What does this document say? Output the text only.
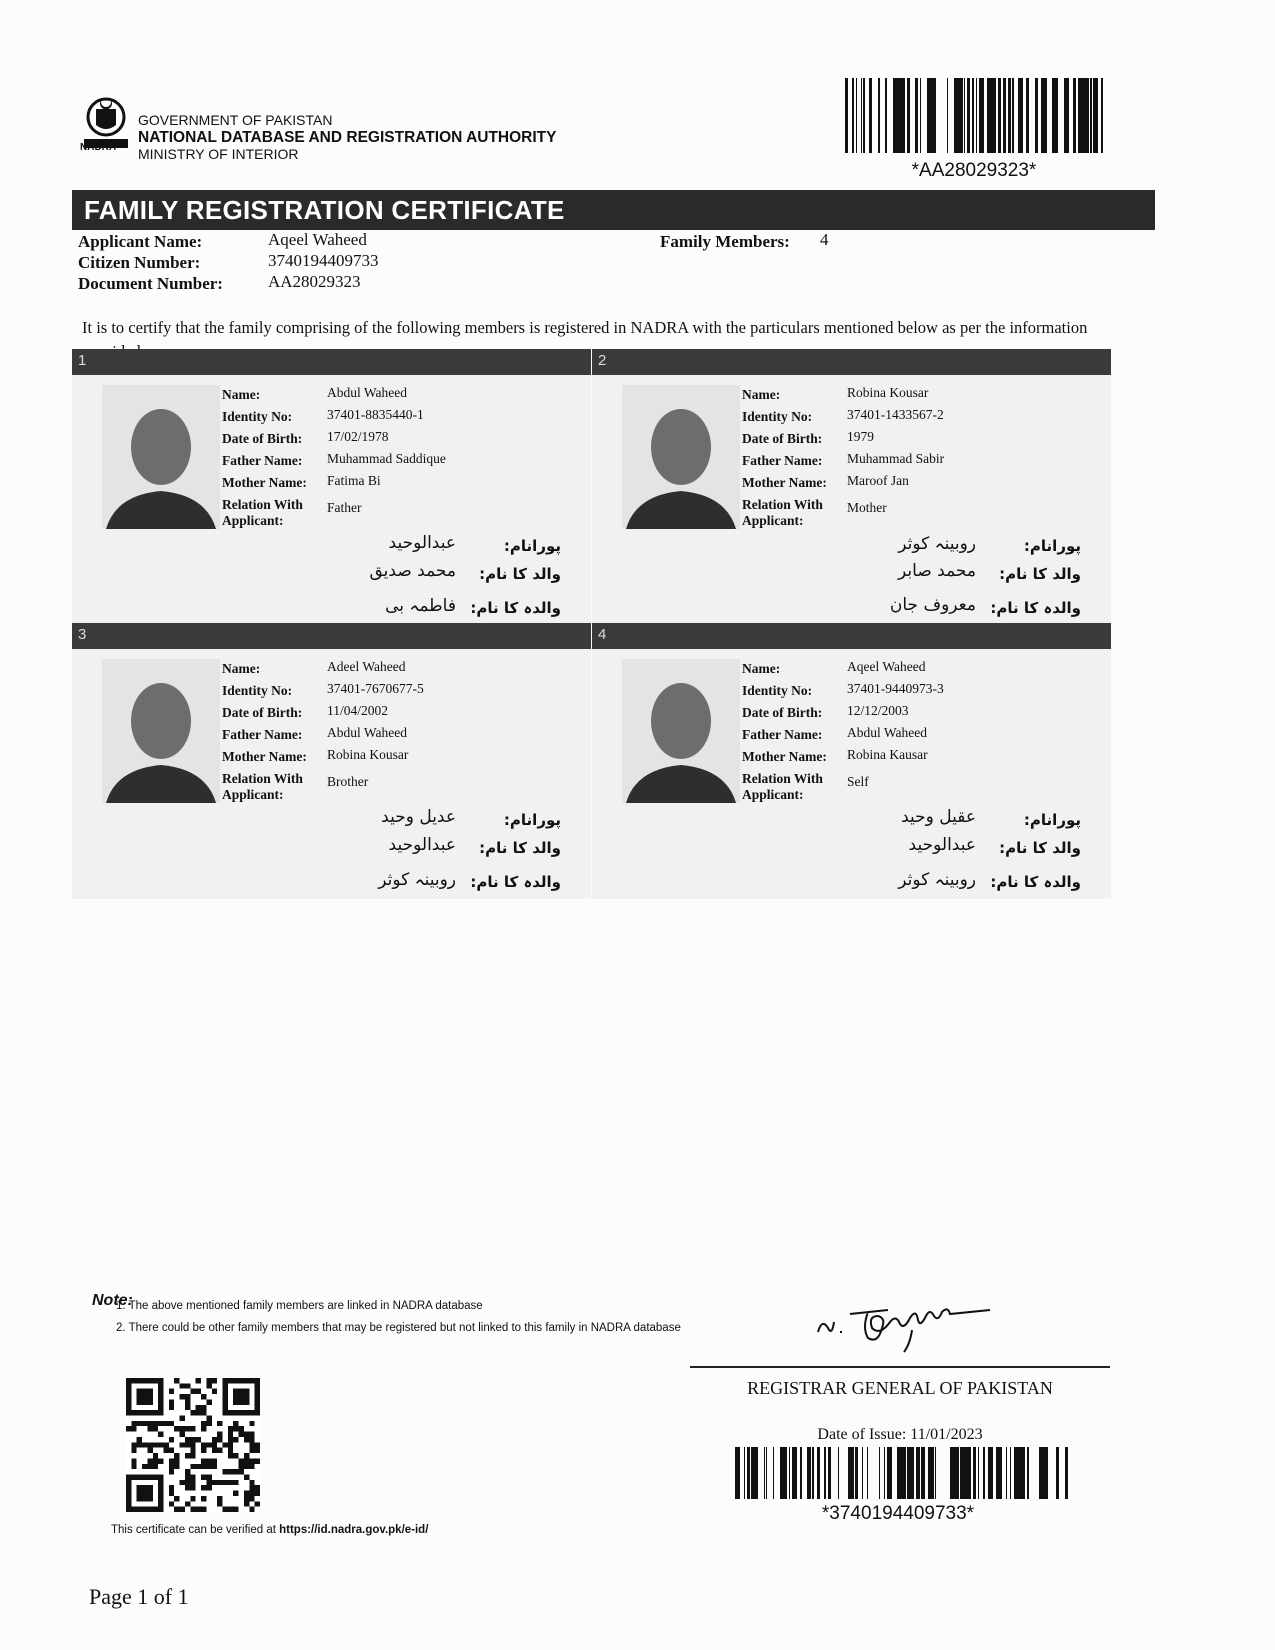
NADRA
GOVERNMENT OF PAKISTAN
NATIONAL DATABASE AND REGISTRATION AUTHORITY
MINISTRY OF INTERIOR
*AA28029323*
FAMILY REGISTRATION CERTIFICATE
Applicant Name:	Aqeel Waheed
Citizen Number:	3740194409733
Document Number:	AA28029323
Family Members: 4
It is to certify that the family comprising of the following members is registered in NADRA with the particulars mentioned below as per the information
1
Name:	Abdul Waheed
Identity No:	37401-8835440-1
Date of Birth:	17/02/1978
Father Name:	Muhammad Saddique
Mother Name:	Fatima Bi
Relation With
Applicant:
Father
پورانام:
عبدالوحید
والد کا نام:
محمد صدیق
والدہ کا نام:
فاطمہ بی
2
Name:	Robina Kousar
Identity No:	37401-1433567-2
Date of Birth:	1979
Father Name:	Muhammad Sabir
Mother Name:	Maroof Jan
Relation With
Applicant:
Mother
پورانام:
روبینہ کوثر
والد کا نام:
محمد صابر
والدہ کا نام:
معروف جان
3
Name:	Adeel Waheed
Identity No:	37401-7670677-5
Date of Birth:	11/04/2002
Father Name:	Abdul Waheed
Mother Name:	Robina Kousar
Relation With
Applicant:
Brother
پورانام:
عدیل وحید
والد کا نام:
عبدالوحید
والدہ کا نام:
روبینہ کوثر
4
Name:	Aqeel Waheed
Identity No:	37401-9440973-3
Date of Birth:	12/12/2003
Father Name:	Abdul Waheed
Mother Name:	Robina Kausar
Relation With
Applicant:
Self
پورانام:
عقیل وحید
والد کا نام:
عبدالوحید
والدہ کا نام:
روبینہ کوثر
Note:
1. The above mentioned family members are linked in NADRA database
2. There could be other family members that may be registered but not linked to this family in NADRA database
REGISTRAR GENERAL OF PAKISTAN
Date of Issue: 11/01/2023
*3740194409733*
This certificate can be verified at https://id.nadra.gov.pk/e-id/
Page 1 of 1
